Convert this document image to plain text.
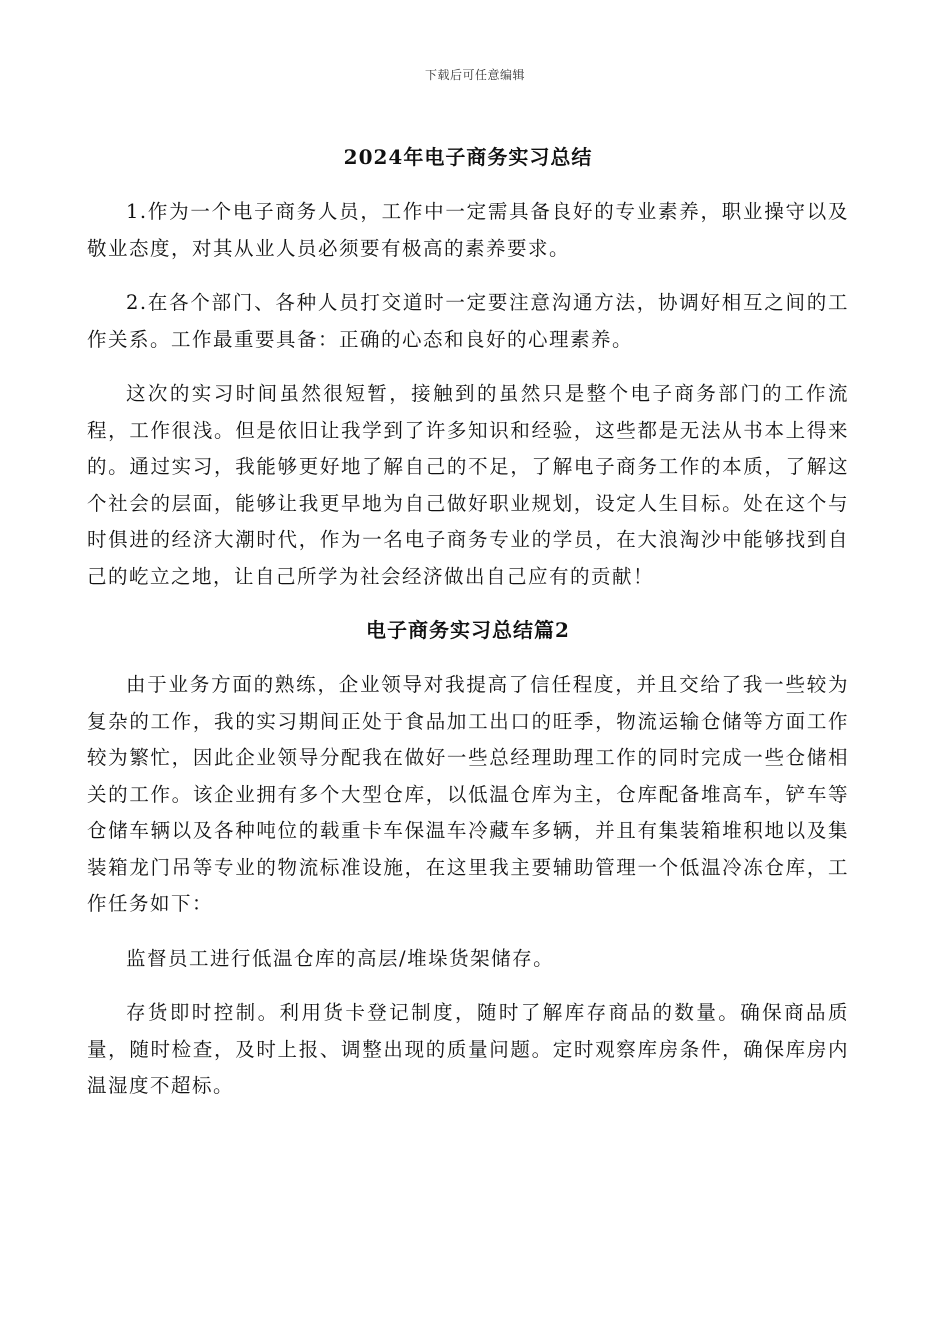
下载后可任意编辑
2024年电子商务实习总结

1.作为一个电子商务人员，工作中一定需具备良好的专业素养，职业操守以及敬业态度，对其从业人员必须要有极高的素养要求。

2.在各个部门、各种人员打交道时一定要注意沟通方法，协调好相互之间的工作关系。工作最重要具备：正确的心态和良好的心理素养。

这次的实习时间虽然很短暂，接触到的虽然只是整个电子商务部门的工作流程，工作很浅。但是依旧让我学到了许多知识和经验，这些都是无法从书本上得来的。通过实习，我能够更好地了解自己的不足，了解电子商务工作的本质，了解这个社会的层面，能够让我更早地为自己做好职业规划，设定人生目标。处在这个与时俱进的经济大潮时代，作为一名电子商务专业的学员，在大浪淘沙中能够找到自己的屹立之地，让自己所学为社会经济做出自己应有的贡献！

电子商务实习总结篇2

由于业务方面的熟练，企业领导对我提高了信任程度，并且交给了我一些较为复杂的工作，我的实习期间正处于食品加工出口的旺季，物流运输仓储等方面工作较为繁忙，因此企业领导分配我在做好一些总经理助理工作的同时完成一些仓储相关的工作。该企业拥有多个大型仓库，以低温仓库为主，仓库配备堆高车，铲车等仓储车辆以及各种吨位的载重卡车保温车冷藏车多辆，并且有集装箱堆积地以及集装箱龙门吊等专业的物流标准设施，在这里我主要辅助管理一个低温冷冻仓库，工作任务如下：

监督员工进行低温仓库的高层/堆垛货架储存。

存货即时控制。利用货卡登记制度，随时了解库存商品的数量。确保商品质量，随时检查，及时上报、调整出现的质量问题。定时观察库房条件，确保库房内温湿度不超标。
